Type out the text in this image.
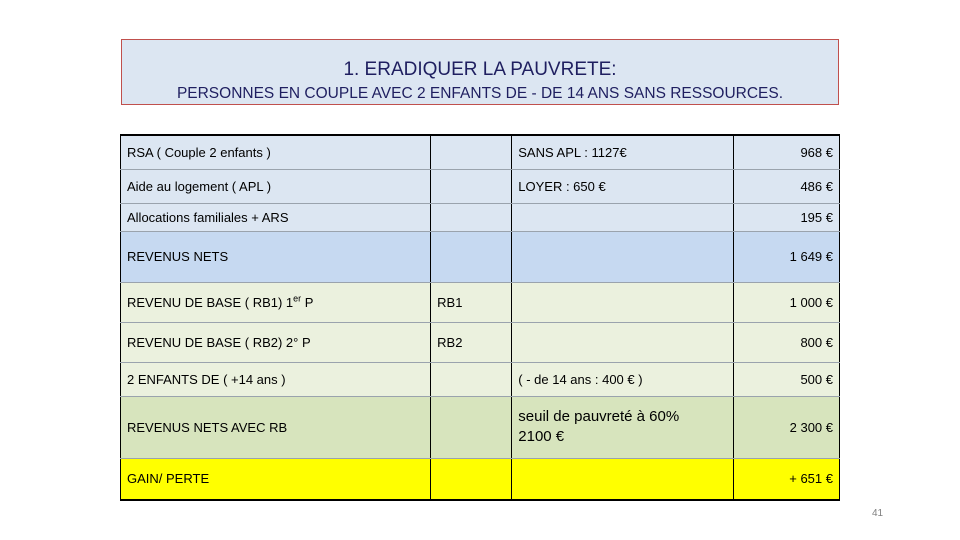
1. ERADIQUER LA PAUVRETE:
PERSONNES EN COUPLE AVEC 2 ENFANTS DE - DE 14 ANS SANS RESSOURCES.
RSA ( Couple 2 enfants )		SANS APL : 1127€	968 €
Aide au logement ( APL )		LOYER : 650 €	486 €
Allocations familiales + ARS			195 €
REVENUS NETS			1 649 €
REVENU DE BASE ( RB1) 1er P	RB1		1 000 €
REVENU DE BASE ( RB2) 2° P	RB2		800 €
2 ENFANTS DE ( +14 ans )		( - de 14 ans : 400 € )	500 €
REVENUS NETS AVEC RB		seuil de pauvreté à 60%
2100 €	2 300 €
GAIN/ PERTE			+ 651 €
41
